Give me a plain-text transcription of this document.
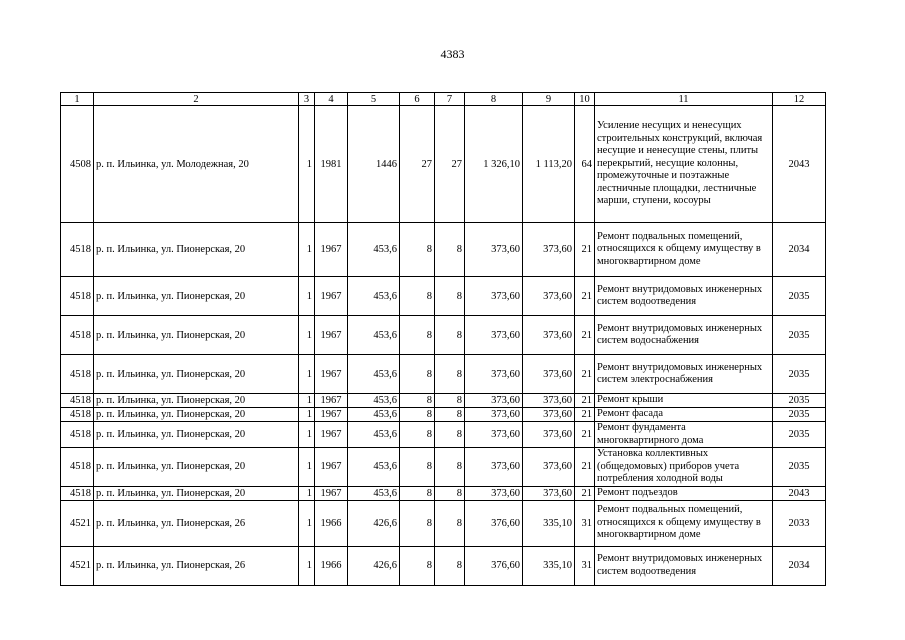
4383
1	2	3	4	5	6	7	8	9	10	11	12
4508	р. п. Ильинка, ул. Молодежная, 20	1	1981	1446	27	27	1 326,10	1 113,20	64	Усиление несущих и ненесущих строительных конструкций, включая несущие и ненесущие стены, плиты перекрытий, несущие колонны, промежуточные и поэтажные лестничные площадки, лестничные марши, ступени, косоуры	2043
4518	р. п. Ильинка, ул. Пионерская, 20	1	1967	453,6	8	8	373,60	373,60	21	Ремонт подвальных помещений, относящихся к общему имуществу в многоквартирном доме	2034
4518	р. п. Ильинка, ул. Пионерская, 20	1	1967	453,6	8	8	373,60	373,60	21	Ремонт внутридомовых инженерных систем водоотведения	2035
4518	р. п. Ильинка, ул. Пионерская, 20	1	1967	453,6	8	8	373,60	373,60	21	Ремонт внутридомовых инженерных систем водоснабжения	2035
4518	р. п. Ильинка, ул. Пионерская, 20	1	1967	453,6	8	8	373,60	373,60	21	Ремонт внутридомовых инженерных систем электроснабжения	2035
4518	р. п. Ильинка, ул. Пионерская, 20	1	1967	453,6	8	8	373,60	373,60	21	Ремонт крыши	2035
4518	р. п. Ильинка, ул. Пионерская, 20	1	1967	453,6	8	8	373,60	373,60	21	Ремонт фасада	2035
4518	р. п. Ильинка, ул. Пионерская, 20	1	1967	453,6	8	8	373,60	373,60	21	Ремонт фундамента многоквартирного дома	2035
4518	р. п. Ильинка, ул. Пионерская, 20	1	1967	453,6	8	8	373,60	373,60	21	Установка коллективных (общедомовых) приборов учета потребления холодной воды	2035
4518	р. п. Ильинка, ул. Пионерская, 20	1	1967	453,6	8	8	373,60	373,60	21	Ремонт подъездов	2043
4521	р. п. Ильинка, ул. Пионерская, 26	1	1966	426,6	8	8	376,60	335,10	31	Ремонт подвальных помещений, относящихся к общему имуществу в многоквартирном доме	2033
4521	р. п. Ильинка, ул. Пионерская, 26	1	1966	426,6	8	8	376,60	335,10	31	Ремонт внутридомовых инженерных систем водоотведения	2034
